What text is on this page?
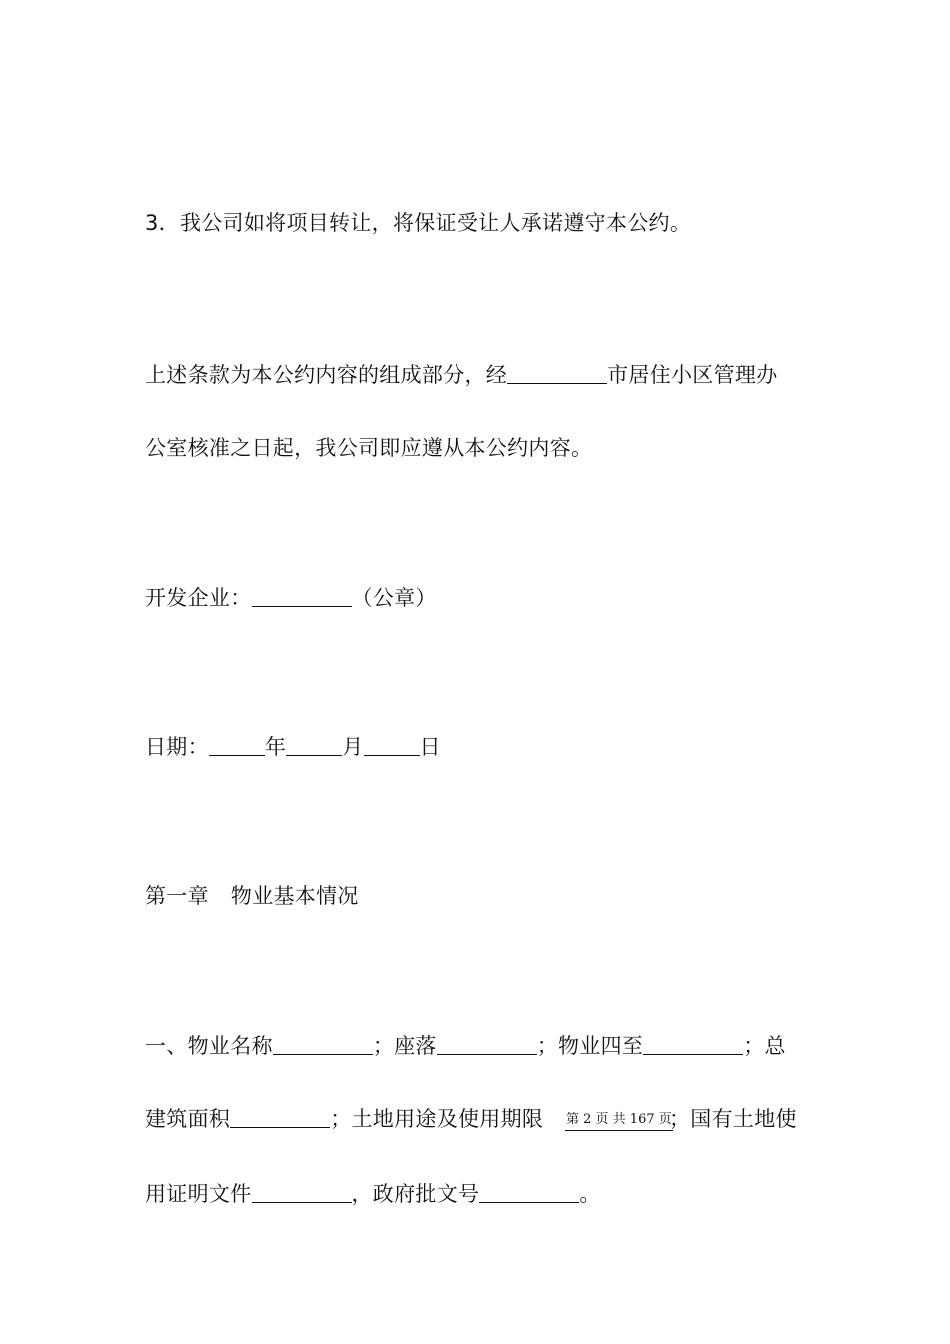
3．我公司如将项目转让，将保证受让人承诺遵守本公约。
上述条款为本公约内容的组成部分，经	市居住小区管理办
公室核准之日起，我公司即应遵从本公约内容。
开发企业：	（公章）
日期：	年	月	日
第一章 物业基本情况
一、物业名称	；座落	；物业四至	；总
建筑面积	；土地用途及使用期限 第 2 页 共 167 页
；国有土地使
用证明文件	，政府批文号	。
